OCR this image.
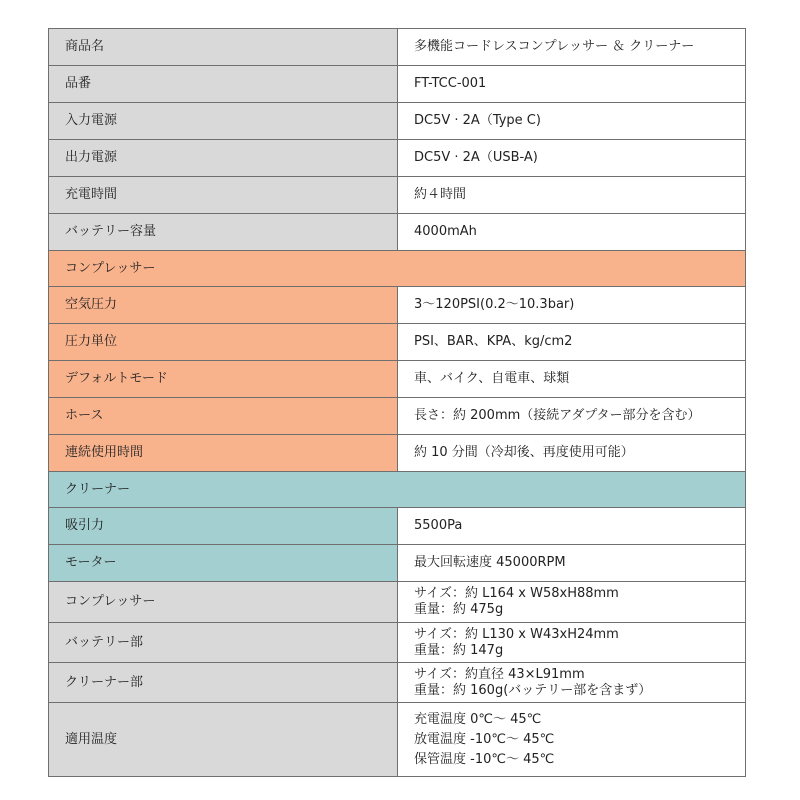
商品名	多機能コードレスコンプレッサー ＆ クリーナー
品番	FT-TCC-001
入力電源	DC5V · 2A（Type C)
出力電源	DC5V · 2A（USB-A)
充電時間	約４時間
バッテリー容量	4000mAh
コンプレッサー	
空気圧力	3～120PSI(0.2～10.3bar)
圧力単位	PSI、BAR、KPA、kg/cm2
デフォルトモード	車、バイク、自電車、球類
ホース	長さ：約 200mm（接続アダプター部分を含む）
連続使用時間	約 10 分間（冷却後、再度使用可能）
クリーナー	
吸引力	5500Pa
モーター	最大回転速度 45000RPM
コンプレッサー	サイズ：約 L164 x W58xH88mm
重量：約 475g

バッテリー部	サイズ：約 L130 x W43xH24mm
重量：約 147g

クリーナー部	サイズ：約直径 43×L91mm
重量：約 160g(バッテリー部を含まず）

適用温度	充電温度 0℃～ 45℃
放電温度 -10℃～ 45℃
保管温度 -10℃～ 45℃
